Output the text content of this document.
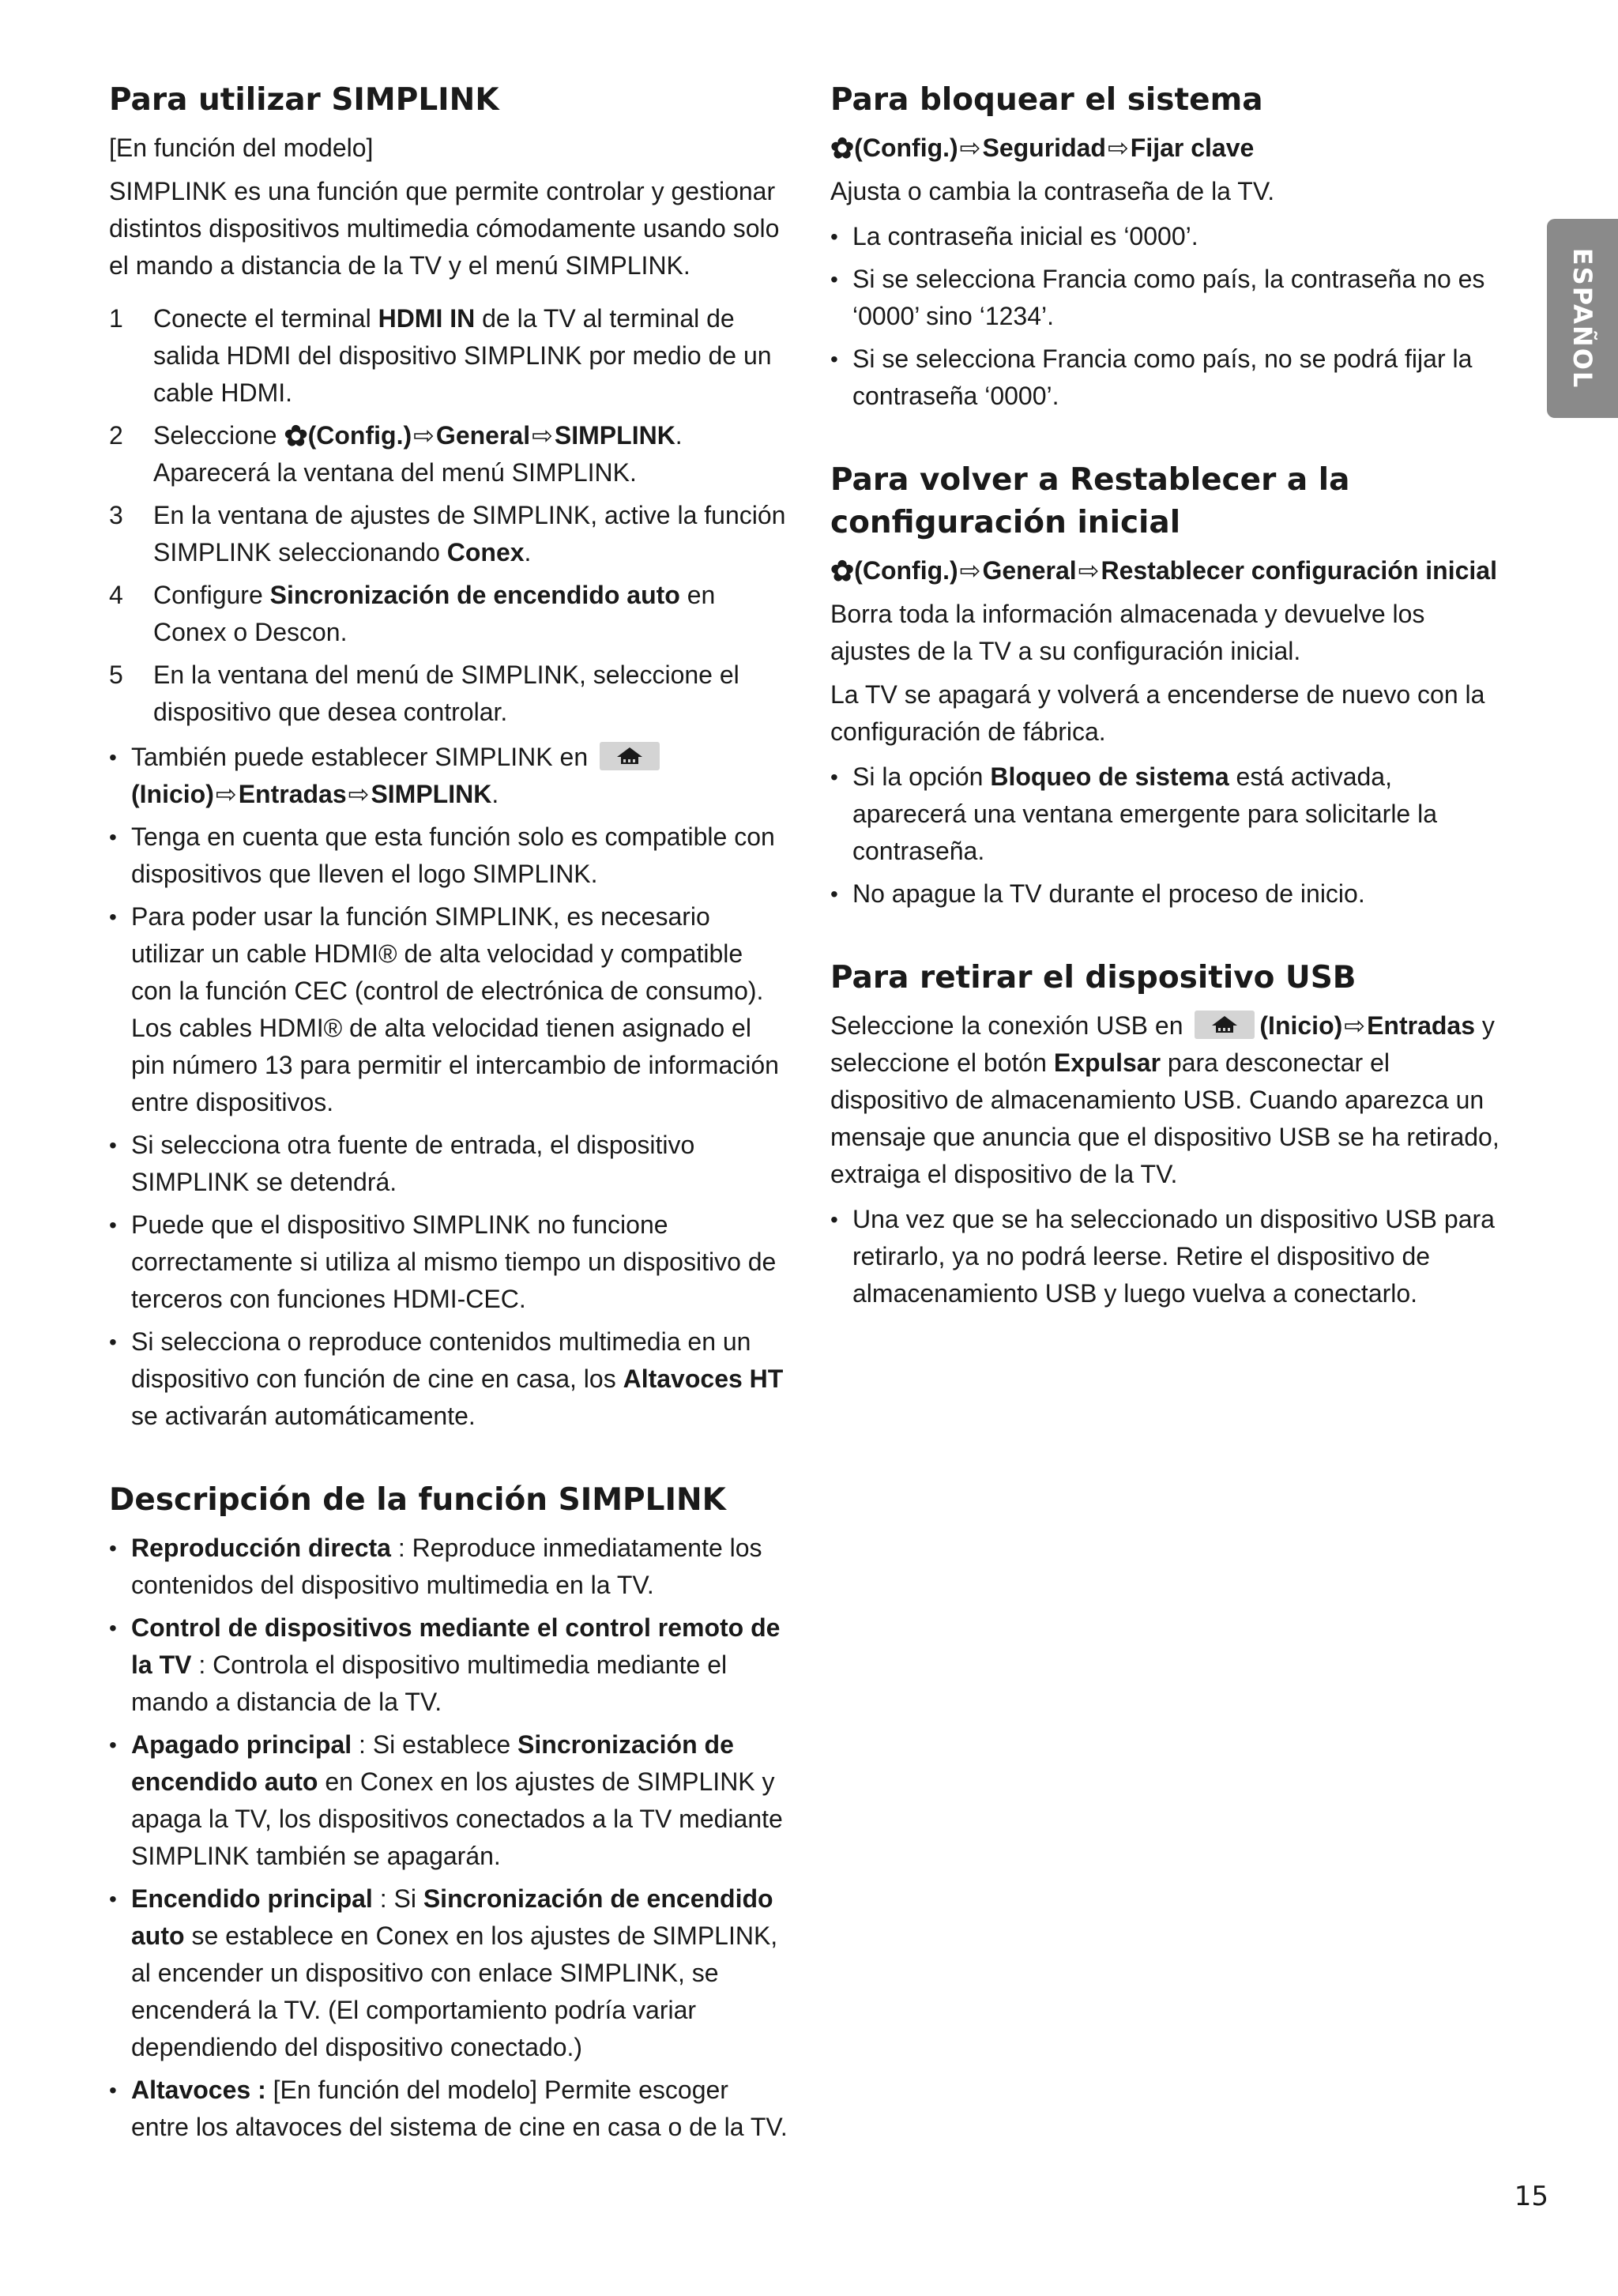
ESPAÑOL
Para utilizar SIMPLINK

[En función del modelo]

SIMPLINK es una función que permite controlar y gestionar distintos dispositivos multimedia cómodamente usando solo el mando a distancia de la TV y el menú SIMPLINK.

1	Conecte el terminal HDMI IN de la TV al terminal de salida HDMI del dispositivo SIMPLINK por medio de un cable HDMI.
2	Seleccione ✿(Config.)⇨General⇨SIMPLINK. Aparecerá la ventana del menú SIMPLINK.
3	En la ventana de ajustes de SIMPLINK, active la función SIMPLINK seleccionando Conex.
4	Configure Sincronización de encendido auto en Conex o Descon.
5	En la ventana del menú de SIMPLINK, seleccione el dispositivo que desea controlar.
• También puede establecer SIMPLINK en
(Inicio)⇨Entradas⇨SIMPLINK.
• Tenga en cuenta que esta función solo es compatible con dispositivos que lleven el logo SIMPLINK.
• Para poder usar la función SIMPLINK, es necesario utilizar un cable HDMI® de alta velocidad y compatible con la función CEC (control de electrónica de consumo). Los cables HDMI® de alta velocidad tienen asignado el pin número 13 para permitir el intercambio de información entre dispositivos.
• Si selecciona otra fuente de entrada, el dispositivo SIMPLINK se detendrá.
• Puede que el dispositivo SIMPLINK no funcione correctamente si utiliza al mismo tiempo un dispositivo de terceros con funciones HDMI-CEC.
• Si selecciona o reproduce contenidos multimedia en un dispositivo con función de cine en casa, los Altavoces HT se activarán automáticamente.
Descripción de la función SIMPLINK
• Reproducción directa : Reproduce inmediatamente los contenidos del dispositivo multimedia en la TV.
• Control de dispositivos mediante el control remoto de la TV : Controla el dispositivo multimedia mediante el mando a distancia de la TV.
• Apagado principal : Si establece Sincronización de encendido auto en Conex en los ajustes de SIMPLINK y apaga la TV, los dispositivos conectados a la TV mediante SIMPLINK también se apagarán.
• Encendido principal : Si Sincronización de encendido auto se establece en Conex en los ajustes de SIMPLINK, al encender un dispositivo con enlace SIMPLINK, se encenderá la TV. (El comportamiento podría variar dependiendo del dispositivo conectado.)
• Altavoces : [En función del modelo] Permite escoger entre los altavoces del sistema de cine en casa o de la TV.
Para bloquear el sistema

✿(Config.)⇨Seguridad⇨Fijar clave

Ajusta o cambia la contraseña de la TV.

• La contraseña inicial es ‘0000’.
• Si se selecciona Francia como país, la contraseña no es ‘0000’ sino ‘1234’.
• Si se selecciona Francia como país, no se podrá fijar la contraseña ‘0000’.
Para volver a Restablecer a la configuración inicial

✿(Config.)⇨General⇨Restablecer configuración inicial

Borra toda la información almacenada y devuelve los ajustes de la TV a su configuración inicial.

La TV se apagará y volverá a encenderse de nuevo con la configuración de fábrica.

• Si la opción Bloqueo de sistema está activada, aparecerá una ventana emergente para solicitarle la contraseña.
• No apague la TV durante el proceso de inicio.
Para retirar el dispositivo USB

Seleccione la conexión USB en	(Inicio)⇨Entradas y seleccione el botón Expulsar para desconectar el dispositivo de almacenamiento USB. Cuando aparezca un mensaje que anuncia que el dispositivo USB se ha retirado, extraiga el dispositivo de la TV.

• Una vez que se ha seleccionado un dispositivo USB para retirarlo, ya no podrá leerse. Retire el dispositivo de almacenamiento USB y luego vuelva a conectarlo.
15
